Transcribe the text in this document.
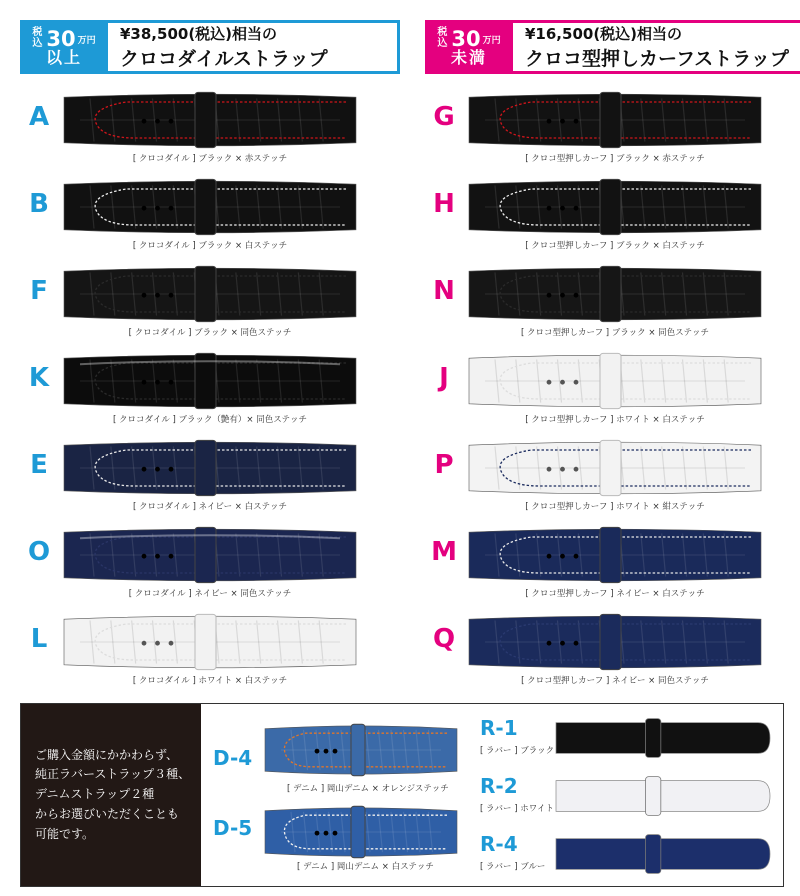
税込 30 万円
以上
¥38,500(税込)相当の
クロコダイルストラップ
A
[ クロコダイル ] ブラック × 赤ステッチ
B
[ クロコダイル ] ブラック × 白ステッチ
F
[ クロコダイル ] ブラック × 同色ステッチ
K
[ クロコダイル ] ブラック（艶有）× 同色ステッチ
E
[ クロコダイル ] ネイビー × 白ステッチ
O
[ クロコダイル ] ネイビー × 同色ステッチ
L
[ クロコダイル ] ホワイト × 白ステッチ
税込 30 万円
未満
¥16,500(税込)相当の
クロコ型押しカーフストラップ
G
[ クロコ型押しカーフ ] ブラック × 赤ステッチ
H
[ クロコ型押しカーフ ] ブラック × 白ステッチ
N
[ クロコ型押しカーフ ] ブラック × 同色ステッチ
J
[ クロコ型押しカーフ ] ホワイト × 白ステッチ
P
[ クロコ型押しカーフ ] ホワイト × 紺ステッチ
M
[ クロコ型押しカーフ ] ネイビー × 白ステッチ
Q
[ クロコ型押しカーフ ] ネイビー × 同色ステッチ
ご購入金額にかかわらず、
純正ラバーストラップ３種、
デニムストラップ２種
からお選びいただくことも
可能です。
D-4
[ デニム ] 岡山デニム × オレンジステッチ
D-5
[ デニム ] 岡山デニム × 白ステッチ
R-1
[ ラバー ] ブラック
R-2
[ ラバー ] ホワイト
R-4
[ ラバー ] ブルー
